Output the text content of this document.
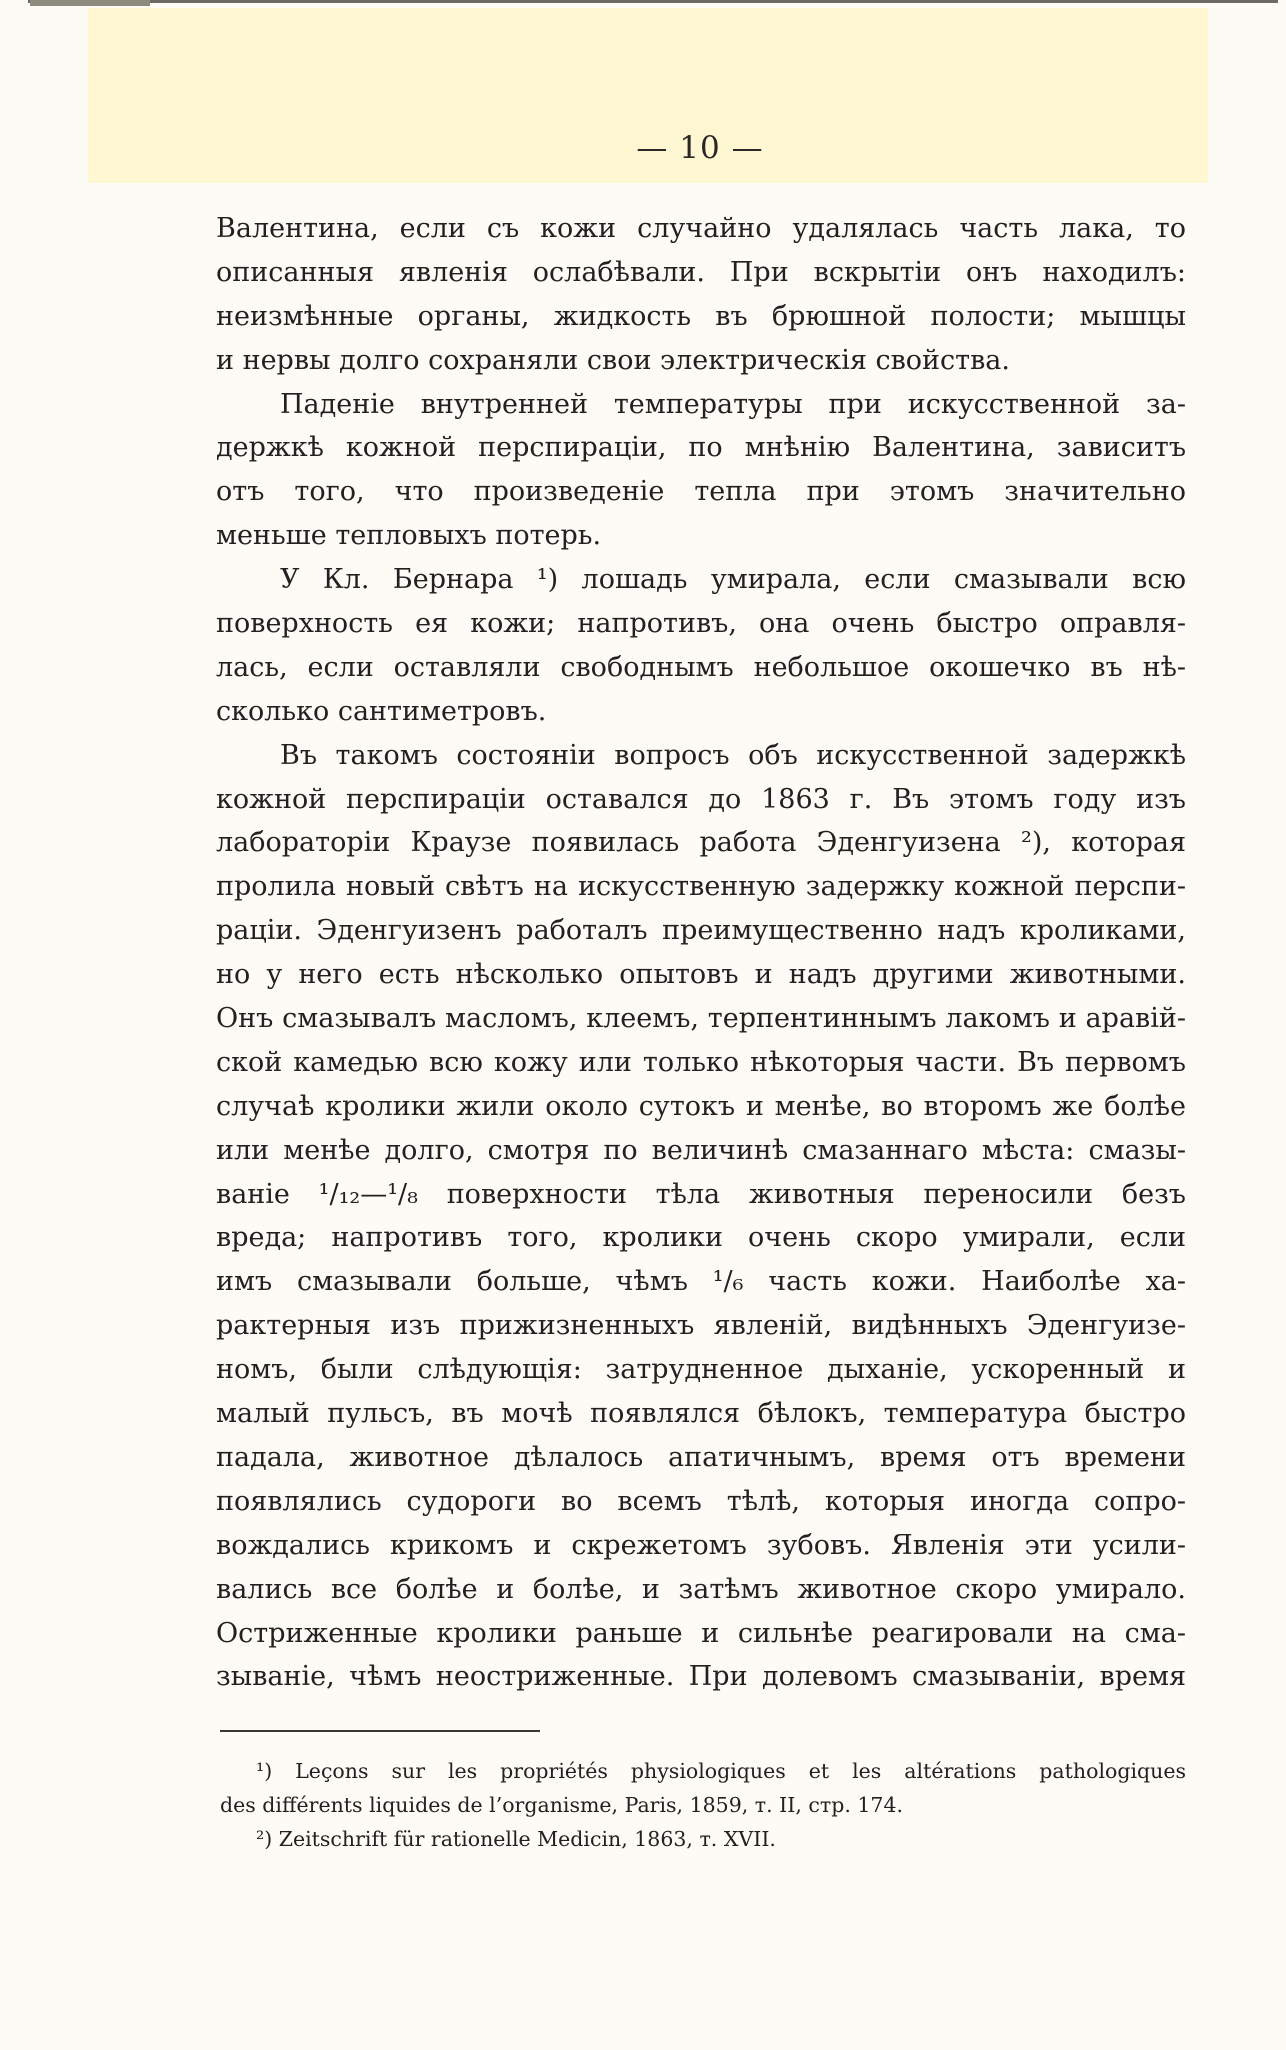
— 10 —
Валентина, если съ кожи случайно удалялась часть лака, то
описанныя явленія ослабѣвали. При вскрытіи онъ находилъ:
неизмѣнные органы, жидкость въ брюшной полости; мышцы
и нервы долго сохраняли свои электрическія свойства.
Паденіе внутренней температуры при искусственной за-
держкѣ кожной перспираціи, по мнѣнію Валентина, зависитъ
отъ того, что произведеніе тепла при этомъ значительно
меньше тепловыхъ потерь.
У Кл. Бернара ¹) лошадь умирала, если смазывали всю
поверхность ея кожи; напротивъ, она очень быстро оправля-
лась, если оставляли свободнымъ небольшое окошечко въ нѣ-
сколько сантиметровъ.
Въ такомъ состояніи вопросъ объ искусственной задержкѣ
кожной перспираціи оставался до 1863 г. Въ этомъ году изъ
лабораторіи Краузе появилась работа Эденгуизена ²), которая
пролила новый свѣтъ на искусственную задержку кожной перспи-
раціи. Эденгуизенъ работалъ преимущественно надъ кроликами,
но у него есть нѣсколько опытовъ и надъ другими животными.
Онъ смазывалъ масломъ, клеемъ, терпентиннымъ лакомъ и аравій-
ской камедью всю кожу или только нѣкоторыя части. Въ первомъ
случаѣ кролики жили около сутокъ и менѣе, во второмъ же болѣе
или менѣе долго, смотря по величинѣ смазаннаго мѣста: смазы-
ваніе ¹/₁₂—¹/₈ поверхности тѣла животныя переносили безъ
вреда; напротивъ того, кролики очень скоро умирали, если
имъ смазывали больше, чѣмъ ¹/₆ часть кожи. Наиболѣе ха-
рактерныя изъ прижизненныхъ явленій, видѣнныхъ Эденгуизе-
номъ, были слѣдующія: затрудненное дыханіе, ускоренный и
малый пульсъ, въ мочѣ появлялся бѣлокъ, температура быстро
падала, животное дѣлалось апатичнымъ, время отъ времени
появлялись судороги во всемъ тѣлѣ, которыя иногда сопро-
вождались крикомъ и скрежетомъ зубовъ. Явленія эти усили-
вались все болѣе и болѣе, и затѣмъ животное скоро умирало.
Остриженные кролики раньше и сильнѣе реагировали на сма-
зываніе, чѣмъ неостриженные. При долевомъ смазываніи, время
¹) Leçons sur les propriétés physiologiques et les altérations pathologiques
des différents liquides de l’organisme, Paris, 1859, т. II, стр. 174.
²) Zeitschrift für rationelle Medicin, 1863, т. XVII.
